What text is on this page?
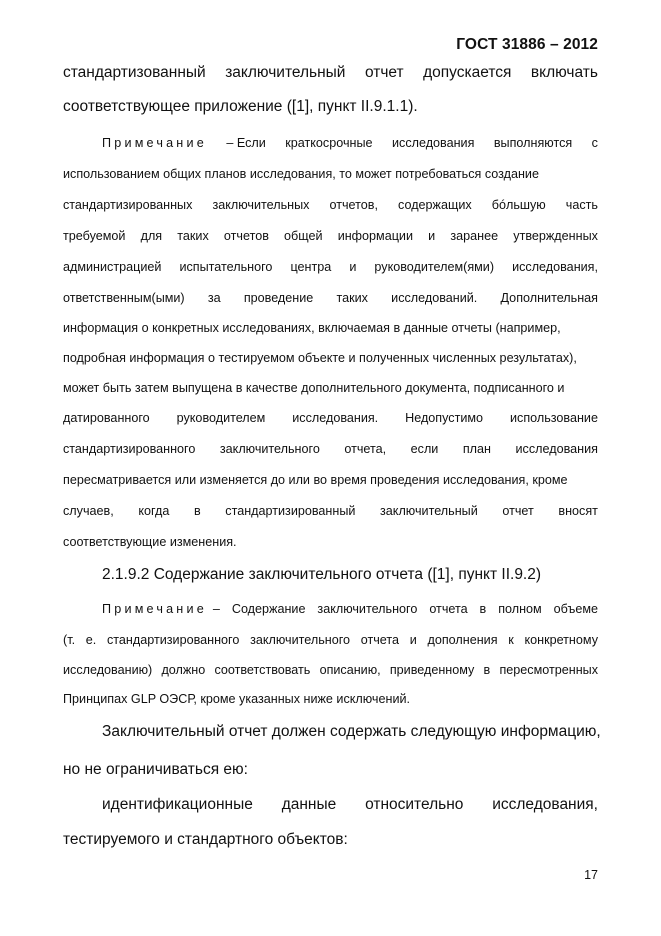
ГОСТ 31886 – 2012
стандартизованный заключительный отчет допускается включать
соответствующее приложение ([1], пункт II.9.1.1).
Примечание – Если краткосрочные исследования выполняются с
использованием общих планов исследования, то может потребоваться создание
стандартизированных заключительных отчетов, содержащих бóльшую часть
требуемой для таких отчетов общей информации и заранее утвержденных
администрацией испытательного центра и руководителем(ями) исследования,
ответственным(ыми) за проведение таких исследований. Дополнительная
информация о конкретных исследованиях, включаемая в данные отчеты (например,
подробная информация о тестируемом объекте и полученных численных результатах),
может быть затем выпущена в качестве дополнительного документа, подписанного и
датированного руководителем исследования. Недопустимо использование
стандартизированного заключительного отчета, если план исследования
пересматривается или изменяется до или во время проведения исследования, кроме
случаев, когда в стандартизированный заключительный отчет вносят
соответствующие изменения.
2.1.9.2 Содержание заключительного отчета ([1], пункт II.9.2)
Примечание – Содержание заключительного отчета в полном объеме
(т. е. стандартизированного заключительного отчета и дополнения к конкретному
исследованию) должно соответствовать описанию, приведенному в пересмотренных
Принципах GLP ОЭСР, кроме указанных ниже исключений.
Заключительный отчет должен содержать следующую информацию,
но не ограничиваться ею:
идентификационные данные относительно исследования,
тестируемого и стандартного объектов:
17
